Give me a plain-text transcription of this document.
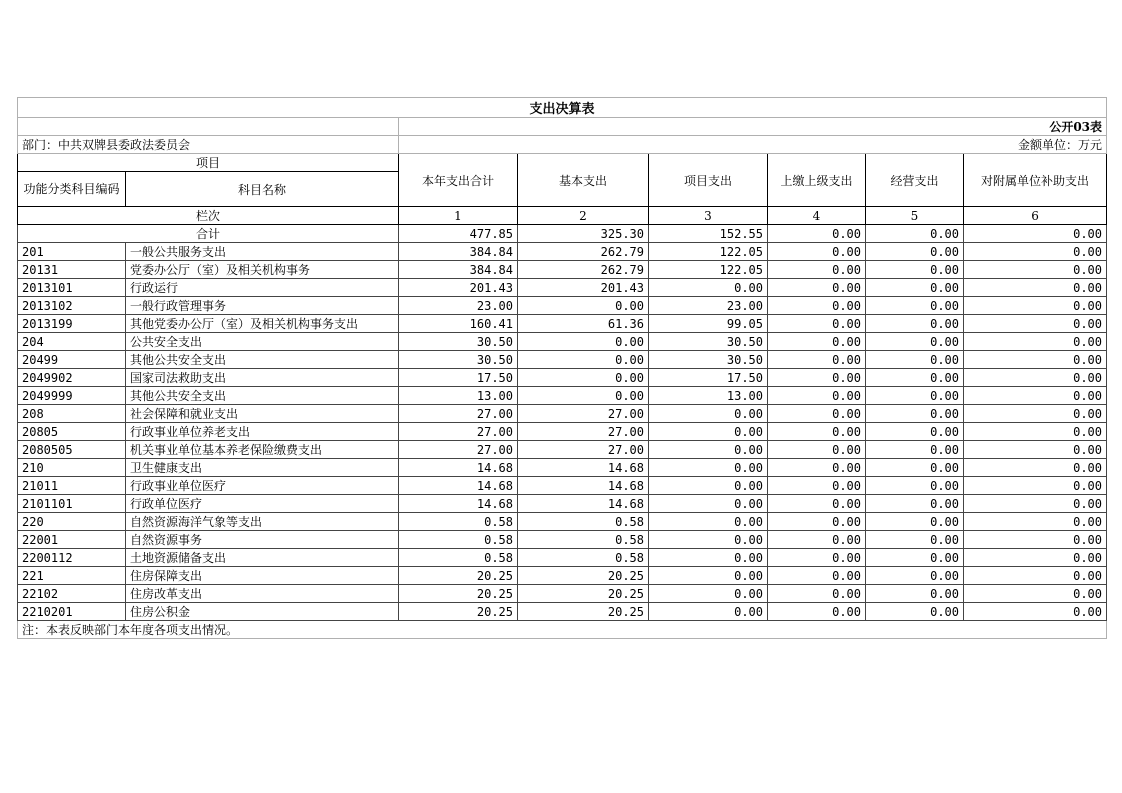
支出决算表							
		公开03表					
部门：中共双牌县委政法委员会		金额单位：万元					
项目		本年支出合计	基本支出	项目支出	上缴上级支出	经营支出	对附属单位补助支出
功能分类科目编码	科目名称						
栏次		1	2	3	4	5	6
合计		477.85	325.30	152.55	0.00	0.00	0.00
201	一般公共服务支出	384.84	262.79	122.05	0.00	0.00	0.00
20131	党委办公厅（室）及相关机构事务	384.84	262.79	122.05	0.00	0.00	0.00
2013101	行政运行	201.43	201.43	0.00	0.00	0.00	0.00
2013102	一般行政管理事务	23.00	0.00	23.00	0.00	0.00	0.00
2013199	其他党委办公厅（室）及相关机构事务支出	160.41	61.36	99.05	0.00	0.00	0.00
204	公共安全支出	30.50	0.00	30.50	0.00	0.00	0.00
20499	其他公共安全支出	30.50	0.00	30.50	0.00	0.00	0.00
2049902	国家司法救助支出	17.50	0.00	17.50	0.00	0.00	0.00
2049999	其他公共安全支出	13.00	0.00	13.00	0.00	0.00	0.00
208	社会保障和就业支出	27.00	27.00	0.00	0.00	0.00	0.00
20805	行政事业单位养老支出	27.00	27.00	0.00	0.00	0.00	0.00
2080505	机关事业单位基本养老保险缴费支出	27.00	27.00	0.00	0.00	0.00	0.00
210	卫生健康支出	14.68	14.68	0.00	0.00	0.00	0.00
21011	行政事业单位医疗	14.68	14.68	0.00	0.00	0.00	0.00
2101101	行政单位医疗	14.68	14.68	0.00	0.00	0.00	0.00
220	自然资源海洋气象等支出	0.58	0.58	0.00	0.00	0.00	0.00
22001	自然资源事务	0.58	0.58	0.00	0.00	0.00	0.00
2200112	土地资源储备支出	0.58	0.58	0.00	0.00	0.00	0.00
221	住房保障支出	20.25	20.25	0.00	0.00	0.00	0.00
22102	住房改革支出	20.25	20.25	0.00	0.00	0.00	0.00
2210201	住房公积金	20.25	20.25	0.00	0.00	0.00	0.00
注：本表反映部门本年度各项支出情况。							
